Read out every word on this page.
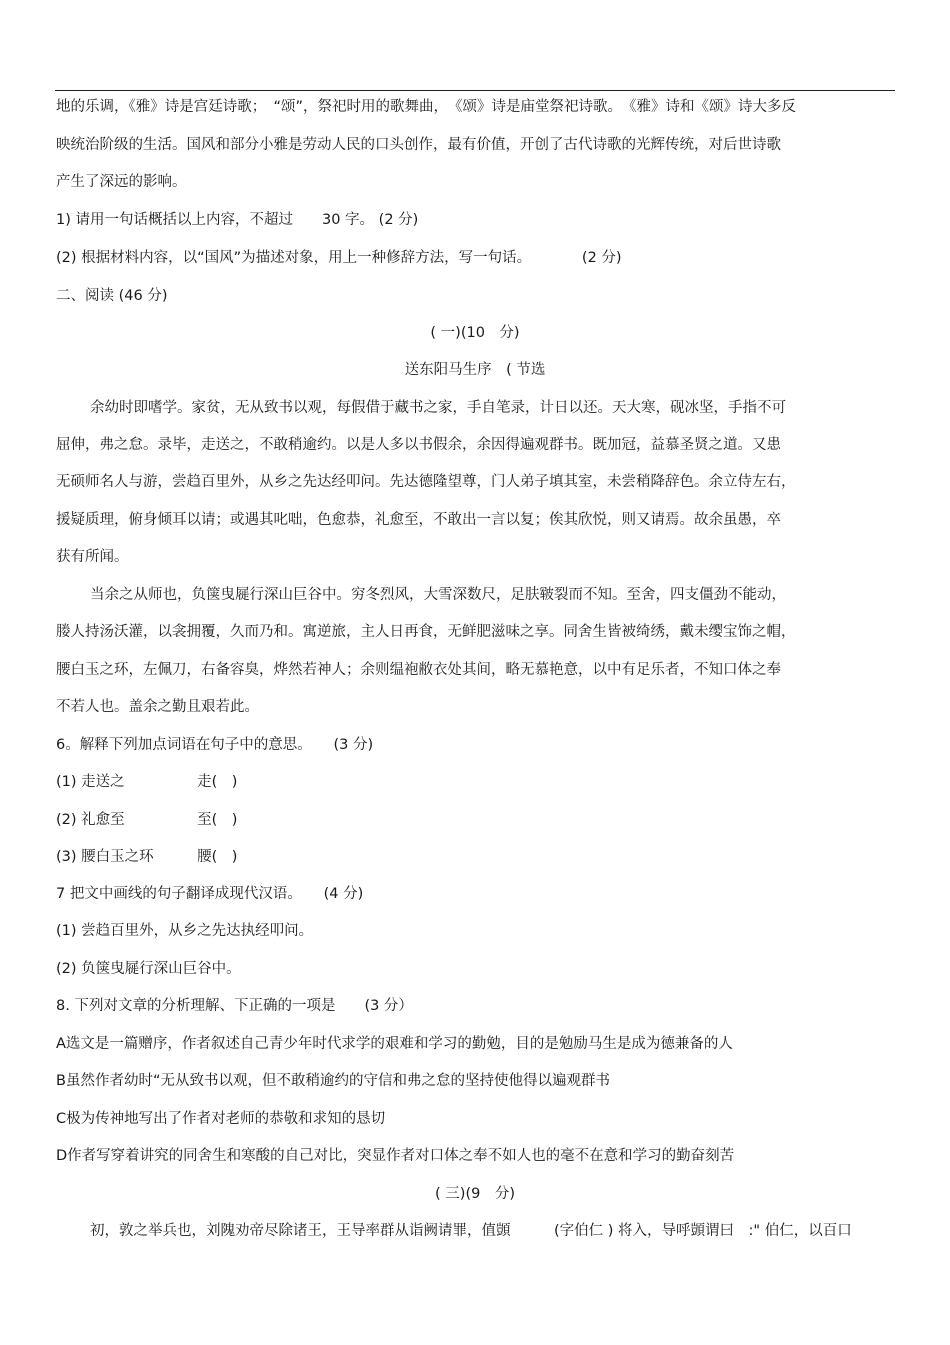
地的乐调，《雅》诗是宫廷诗歌；　“颂”，祭祀时用的歌舞曲，　《颂》诗是庙堂祭祀诗歌。　《雅》诗和《颂》诗大多反
映统治阶级的生活。国风和部分小雅是劳动人民的口头创作，最有价值，开创了古代诗歌的光辉传统，对后世诗歌
产生了深远的影响。
1) 请用一句话概括以上内容，不超过　　30 字。 (2 分)
(2) 根据材料内容，以“国风”为描述对象，用上一种修辞方法，写一句话。　　　　(2 分)
二、阅读 (46 分)
( 一)(10　分)
送东阳马生序　( 节选
余幼时即嗜学。家贫，无从致书以观，每假借于藏书之家，手自笔录，计日以还。天大寒，砚冰坚，手指不可
屈伸，弗之怠。录毕，走送之，不敢稍逾约。以是人多以书假余，余因得遍观群书。既加冠，益慕圣贤之道。又患
无硕师名人与游，尝趋百里外，从乡之先达经叩问。先达德隆望尊，门人弟子填其室，未尝稍降辞色。余立侍左右，
援疑质理，俯身倾耳以请；或遇其叱咄，色愈恭，礼愈至，不敢出一言以复；俟其欣悦，则又请焉。故余虽愚，卒
获有所闻。
当余之从师也，负箧曳屣行深山巨谷中。穷冬烈风，大雪深数尺，足肤皲裂而不知。至舍，四支僵劲不能动，
媵人持汤沃灌，以衾拥覆，久而乃和。寓逆旅，主人日再食，无鲜肥滋味之享。同舍生皆被绮绣，戴未缨宝饰之帽，
腰白玉之环，左佩刀，右备容臭，烨然若神人；余则缊袍敝衣处其间，略无慕艳意，以中有足乐者，不知口体之奉
不若人也。盖余之勤且艰若此。
6。解释下列加点词语在句子中的意思。　　(3 分)
(1) 走送之　　　　　走(　)
(2) 礼愈至　　　　　至(　)
(3) 腰白玉之环　　　腰(　)
7 把文中画线的句子翻译成现代汉语。　　(4 分)
(1) 尝趋百里外，从乡之先达执经叩问。
(2) 负箧曳屣行深山巨谷中。
8. 下列对文章的分析理解、下正确的一项是　　(3 分）
A选文是一篇赠序，作者叙述自己青少年时代求学的艰难和学习的勤勉，目的是勉励马生是成为德兼备的人
B虽然作者幼时“无从致书以观，但不敢稍逾约的守信和弗之怠的坚持使他得以遍观群书
C极为传神地写出了作者对老师的恭敬和求知的恳切
D作者写穿着讲究的同舍生和寒酸的自己对比，突显作者对口体之奉不如人也的毫不在意和学习的勤奋刻苦
( 三)(9　分)
初，敦之举兵也，刘隗劝帝尽除诸王，王导率群从诣阙请罪，值顗　　　(字伯仁 ) 将入，导呼顗谓曰　:" 伯仁，以百口
